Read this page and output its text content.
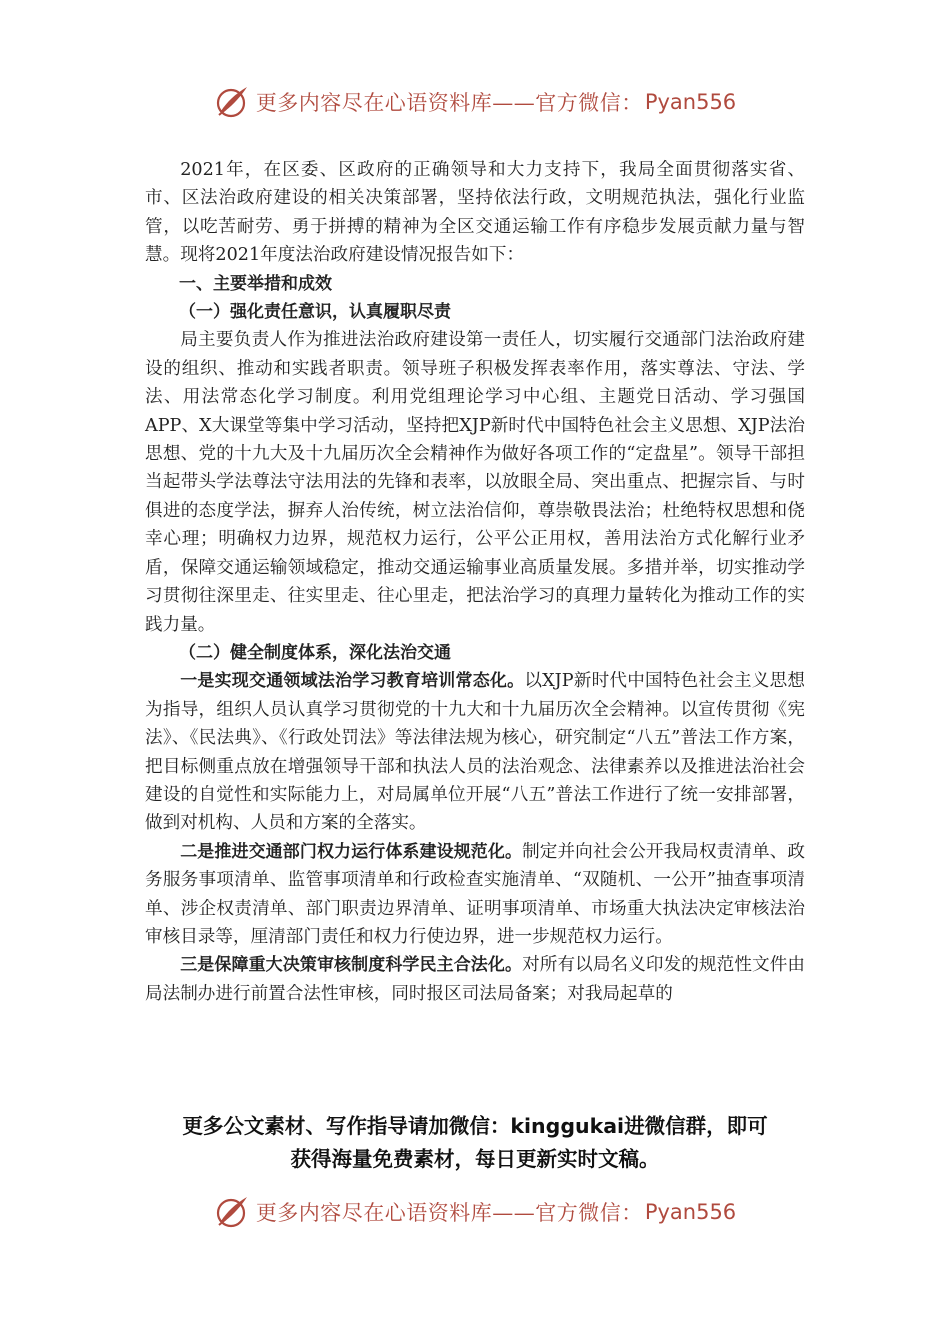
更多内容尽在心语资料库——官方微信： Pyan556

2021年，在区委、区政府的正确领导和大力支持下，我局全面贯彻落实省、市、区法治政府建设的相关决策部署，坚持依法行政，文明规范执法，强化行业监管，以吃苦耐劳、勇于拼搏的精神为全区交通运输工作有序稳步发展贡献力量与智慧。现将2021年度法治政府建设情况报告如下：

一、主要举措和成效

（一）强化责任意识，认真履职尽责

局主要负责人作为推进法治政府建设第一责任人，切实履行交通部门法治政府建设的组织、推动和实践者职责。领导班子积极发挥表率作用，落实尊法、守法、学法、用法常态化学习制度。利用党组理论学习中心组、主题党日活动、学习强国APP、X大课堂等集中学习活动，坚持把XJP新时代中国特色社会主义思想、XJP法治思想、党的十九大及十九届历次全会精神作为做好各项工作的“定盘星”。领导干部担当起带头学法尊法守法用法的先锋和表率，以放眼全局、突出重点、把握宗旨、与时俱进的态度学法，摒弃人治传统，树立法治信仰，尊崇敬畏法治；杜绝特权思想和侥幸心理；明确权力边界，规范权力运行，公平公正用权，善用法治方式化解行业矛盾，保障交通运输领域稳定，推动交通运输事业高质量发展。多措并举，切实推动学习贯彻往深里走、往实里走、往心里走，把法治学习的真理力量转化为推动工作的实践力量。

（二）健全制度体系，深化法治交通

一是实现交通领域法治学习教育培训常态化。以XJP新时代中国特色社会主义思想为指导，组织人员认真学习贯彻党的十九大和十九届历次全会精神。以宣传贯彻《宪法》、《民法典》、《行政处罚法》等法律法规为核心，研究制定“八五”普法工作方案，把目标侧重点放在增强领导干部和执法人员的法治观念、法律素养以及推进法治社会建设的自觉性和实际能力上，对局属单位开展“八五”普法工作进行了统一安排部署，做到对机构、人员和方案的全落实。

二是推进交通部门权力运行体系建设规范化。制定并向社会公开我局权责清单、政务服务事项清单、监管事项清单和行政检查实施清单、“双随机、一公开”抽查事项清单、涉企权责清单、部门职责边界清单、证明事项清单、市场重大执法决定审核法治审核目录等，厘清部门责任和权力行使边界，进一步规范权力运行。

三是保障重大决策审核制度科学民主合法化。对所有以局名义印发的规范性文件由局法制办进行前置合法性审核，同时报区司法局备案；对我局起草的

更多公文素材、写作指导请加微信：kinggukai进微信群，即可
获得海量免费素材，每日更新实时文稿。
更多内容尽在心语资料库——官方微信： Pyan556
